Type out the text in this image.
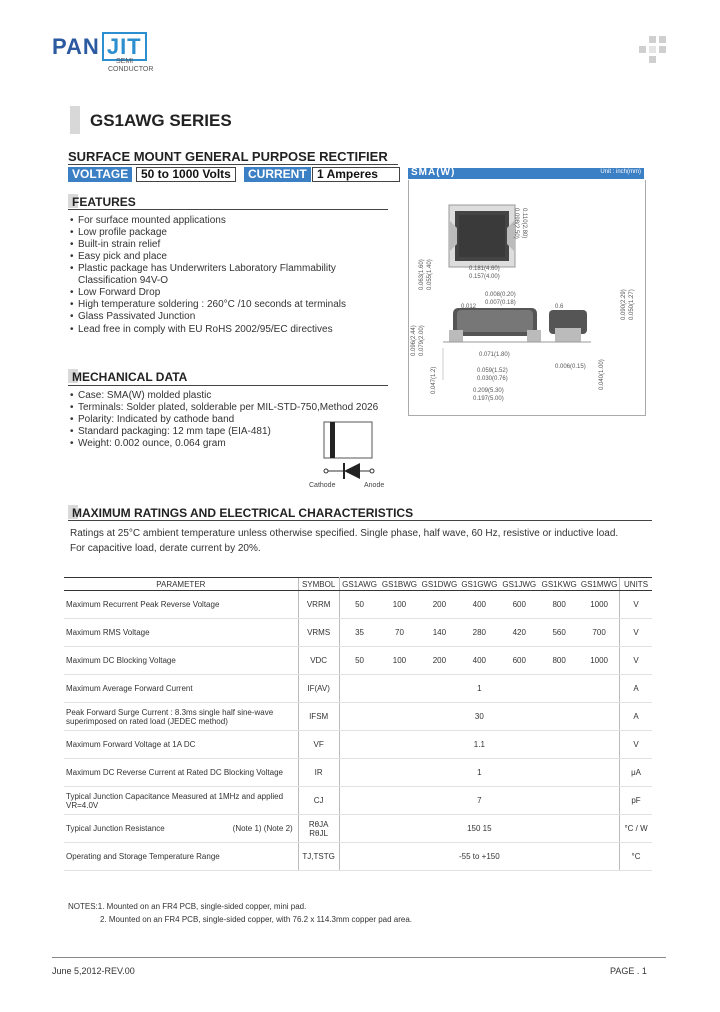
PAN JIT
SEMI
CONDUCTOR
GS1AWG SERIES
SURFACE MOUNT GENERAL PURPOSE RECTIFIER
VOLTAGE	50 to 1000 Volts	CURRENT 1 Amperes
FEATURES
• For surface mounted applications
• Low profile package
• Built-in strain relief
• Easy pick and place
• Plastic package has Underwriters Laboratory Flammability
Classification 94V-O
• Low Forward Drop
• High temperature soldering : 260°C /10 seconds at terminals
• Glass Passivated Junction
• Lead free in comply with EU RoHS 2002/95/EC directives
MECHANICAL DATA
• Case: SMA(W) molded plastic
• Terminals: Solder plated, solderable per MIL-STD-750,Method 2026
• Polarity: Indicated by cathode band
• Standard packaging: 12 mm tape (EIA-481)
• Weight: 0.002 ounce, 0.064 gram
Cathode	Anode
SMA(W)	Unit : inch(mm)
0.110(2.80)
0.098(2.50)
0.181(4.60)
0.157(4.00)
0.063(1.60) 0.055(1.40)
0.008(0.20)
0.007(0.18)
0.012	0.6
0.096(2.44) 0.079(2.00)	0.071(1.80)
0.059(1.52)
0.030(0.76)
0.209(5.30)
0.197(5.00)
0.047(1.2)	0.006(0.15)
0.090(2.29) 0.050(1.27)
0.040(1.00)
MAXIMUM RATINGS AND ELECTRICAL CHARACTERISTICS
Ratings at 25°C ambient temperature unless otherwise specified. Single phase, half wave, 60 Hz, resistive or inductive load.
For capacitive load, derate current by 20%.
PARAMETER	SYMBOL	GS1AWG	GS1BWG	GS1DWG	GS1GWG	GS1JWG	GS1KWG	GS1MWG	UNITS
Maximum Recurrent Peak Reverse Voltage	VRRM	50	100	200	400	600	800	1000	V
Maximum RMS Voltage	VRMS	35	70	140	280	420	560	700	V
Maximum DC Blocking Voltage	VDC	50	100	200	400	600	800	1000	V
Maximum Average Forward Current	IF(AV)	1							A
Peak Forward Surge Current : 8.3ms single half sine-wave superimposed on rated load (JEDEC method)	IFSM	30							A
Maximum Forward Voltage at 1A DC	VF	1.1							V
Maximum DC Reverse Current at Rated DC Blocking Voltage	IR	1							μA
Typical Junction Capacitance Measured at 1MHz and applied VR=4.0V	CJ	7							pF
Typical Junction Resistance (Note 1) (Note 2)	RθJA RθJL	150 15							°C / W
Operating and Storage Temperature Range	TJ,TSTG	-55 to +150							°C
NOTES:1. Mounted on an FR4 PCB, single-sided copper, mini pad.
2. Mounted on an FR4 PCB, single-sided copper, with 76.2 x 114.3mm copper pad area.
June 5,2012-REV.00	PAGE . 1
